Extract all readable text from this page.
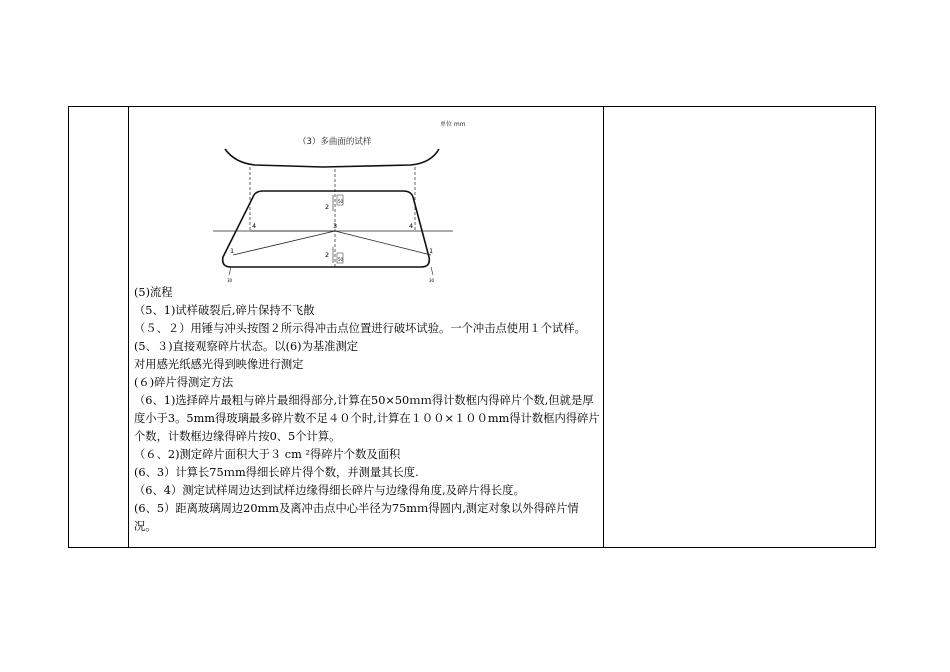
单位 mm
（3）多曲面的试样
2
2
3
4	4
1	1
50
50
30	30
(5)流程
（5、1)试样破裂后,碎片保持不飞散
（５、２）用锤与冲头按图２所示得冲击点位置进行破坏试验。一个冲击点使用１个试样。
(5、３)直接观察碎片状态。以(6)为基准测定
对用感光纸感光得到映像进行测定
(６)碎片得测定方法
（6、1)选择碎片最粗与碎片最细得部分,计算在50×50ｍｍ得计数框内得碎片个数,但就是厚度小于3。5mm得玻璃最多碎片数不足４０个时,计算在１００×１００mm得计数框内得碎片个数，计数框边缘得碎片按0、5个计算。
（６、2)测定碎片面积大于３ cm ²得碎片个数及面积
(6、3）计算长75ｍm得细长碎片得个数，并测量其长度.
（6、4）测定试样周边达到试样边缘得细长碎片与边缘得角度,及碎片得长度。
(6、5）距离玻璃周边20mm及离冲击点中心半径为75mｍ得圆内,测定对象以外得碎片情况。
